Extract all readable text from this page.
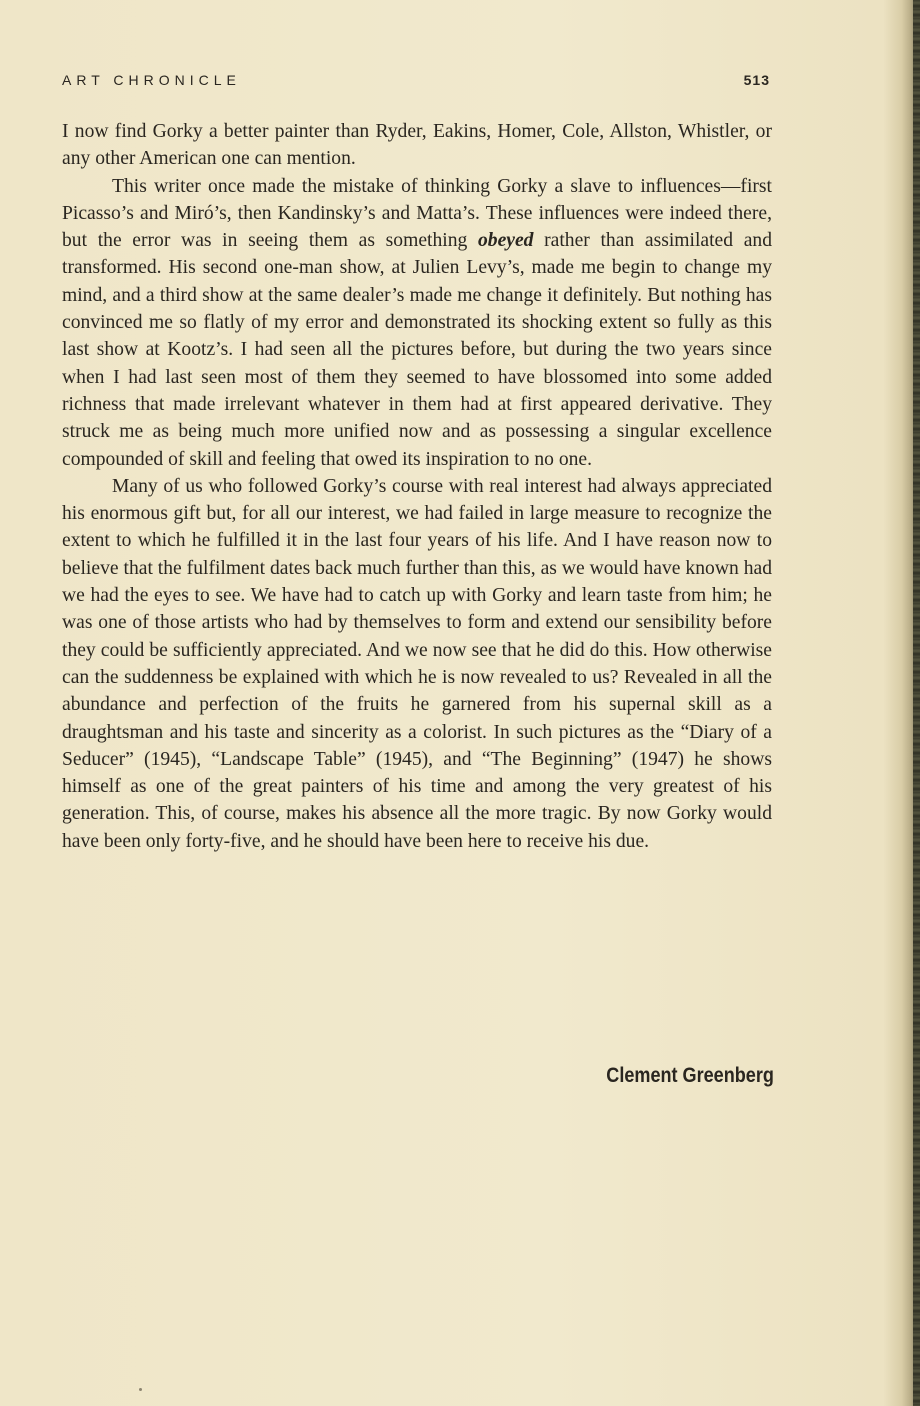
ART CHRONICLE	513

I now find Gorky a better painter than Ryder, Eakins, Homer, Cole, Allston, Whistler, or any other American one can mention.

This writer once made the mistake of thinking Gorky a slave to influences—first Picasso’s and Miró’s, then Kandinsky’s and Matta’s. These influences were indeed there, but the error was in seeing them as something obeyed rather than assimilated and transformed. His second one-man show, at Julien Levy’s, made me begin to change my mind, and a third show at the same dealer’s made me change it definitely. But nothing has convinced me so flatly of my error and demonstrated its shocking extent so fully as this last show at Kootz’s. I had seen all the pictures before, but during the two years since when I had last seen most of them they seemed to have blossomed into some added richness that made irrelevant whatever in them had at first appeared derivative. They struck me as being much more unified now and as possessing a singular excellence compounded of skill and feeling that owed its inspiration to no one.

Many of us who followed Gorky’s course with real interest had always appreciated his enormous gift but, for all our interest, we had failed in large measure to recognize the extent to which he fulfilled it in the last four years of his life. And I have reason now to believe that the fulfilment dates back much further than this, as we would have known had we had the eyes to see. We have had to catch up with Gorky and learn taste from him; he was one of those artists who had by themselves to form and extend our sensibility before they could be sufficiently appreciated. And we now see that he did do this. How otherwise can the suddenness be explained with which he is now revealed to us? Revealed in all the abundance and perfection of the fruits he garnered from his supernal skill as a draughtsman and his taste and sincerity as a colorist. In such pictures as the “Diary of a Seducer” (1945), “Landscape Table” (1945), and “The Beginning” (1947) he shows himself as one of the great painters of his time and among the very greatest of his generation. This, of course, makes his absence all the more tragic. By now Gorky would have been only forty-five, and he should have been here to receive his due.

Clement Greenberg
